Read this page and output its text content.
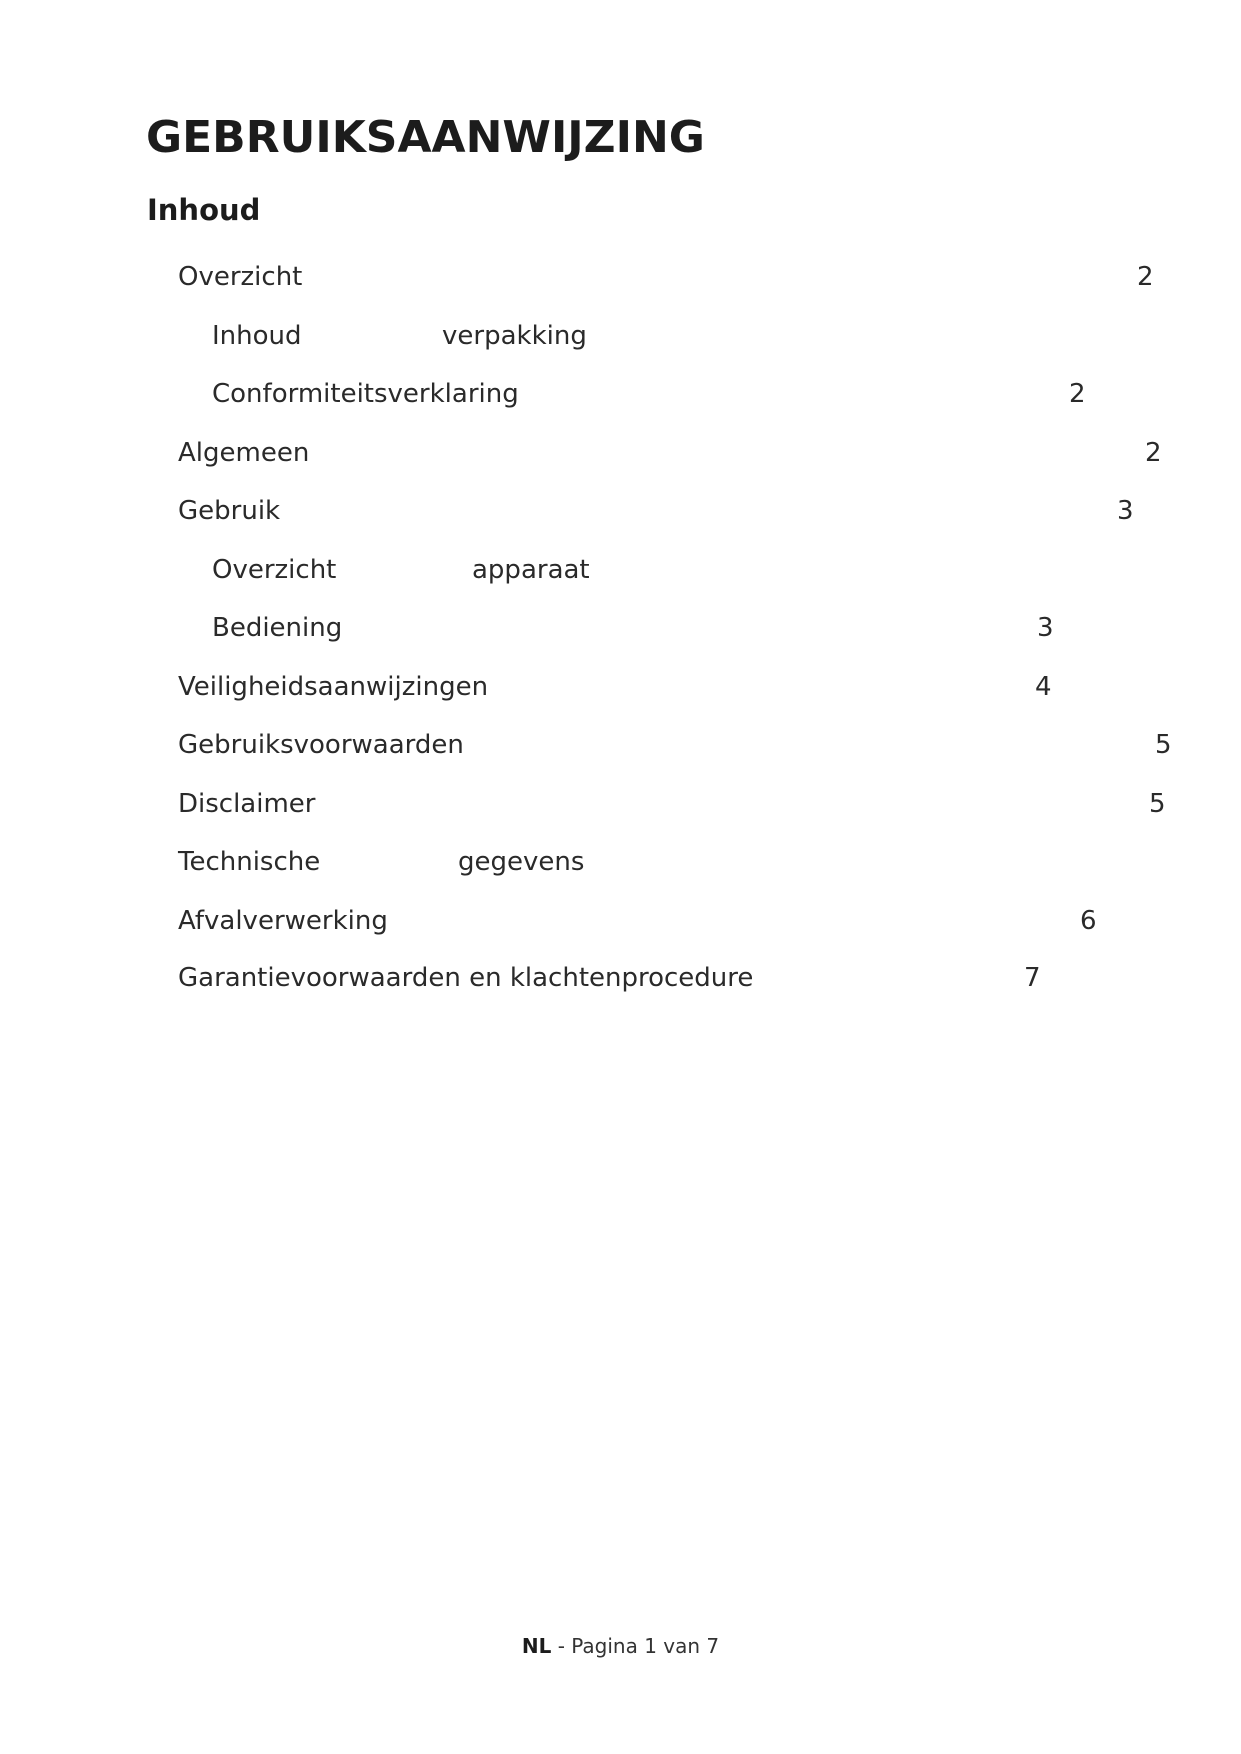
GEBRUIKSAANWIJZING
Inhoud
Overzicht	2
Inhoud	verpakking
Conformiteitsverklaring	2
Algemeen	2
Gebruik	3
Overzicht	apparaat
Bediening	3
Veiligheidsaanwijzingen	4
Gebruiksvoorwaarden	5
Disclaimer	5
Technische	gegevens
Afvalverwerking	6
Garantievoorwaarden en klachtenprocedure	7
NL - Pagina 1 van 7
